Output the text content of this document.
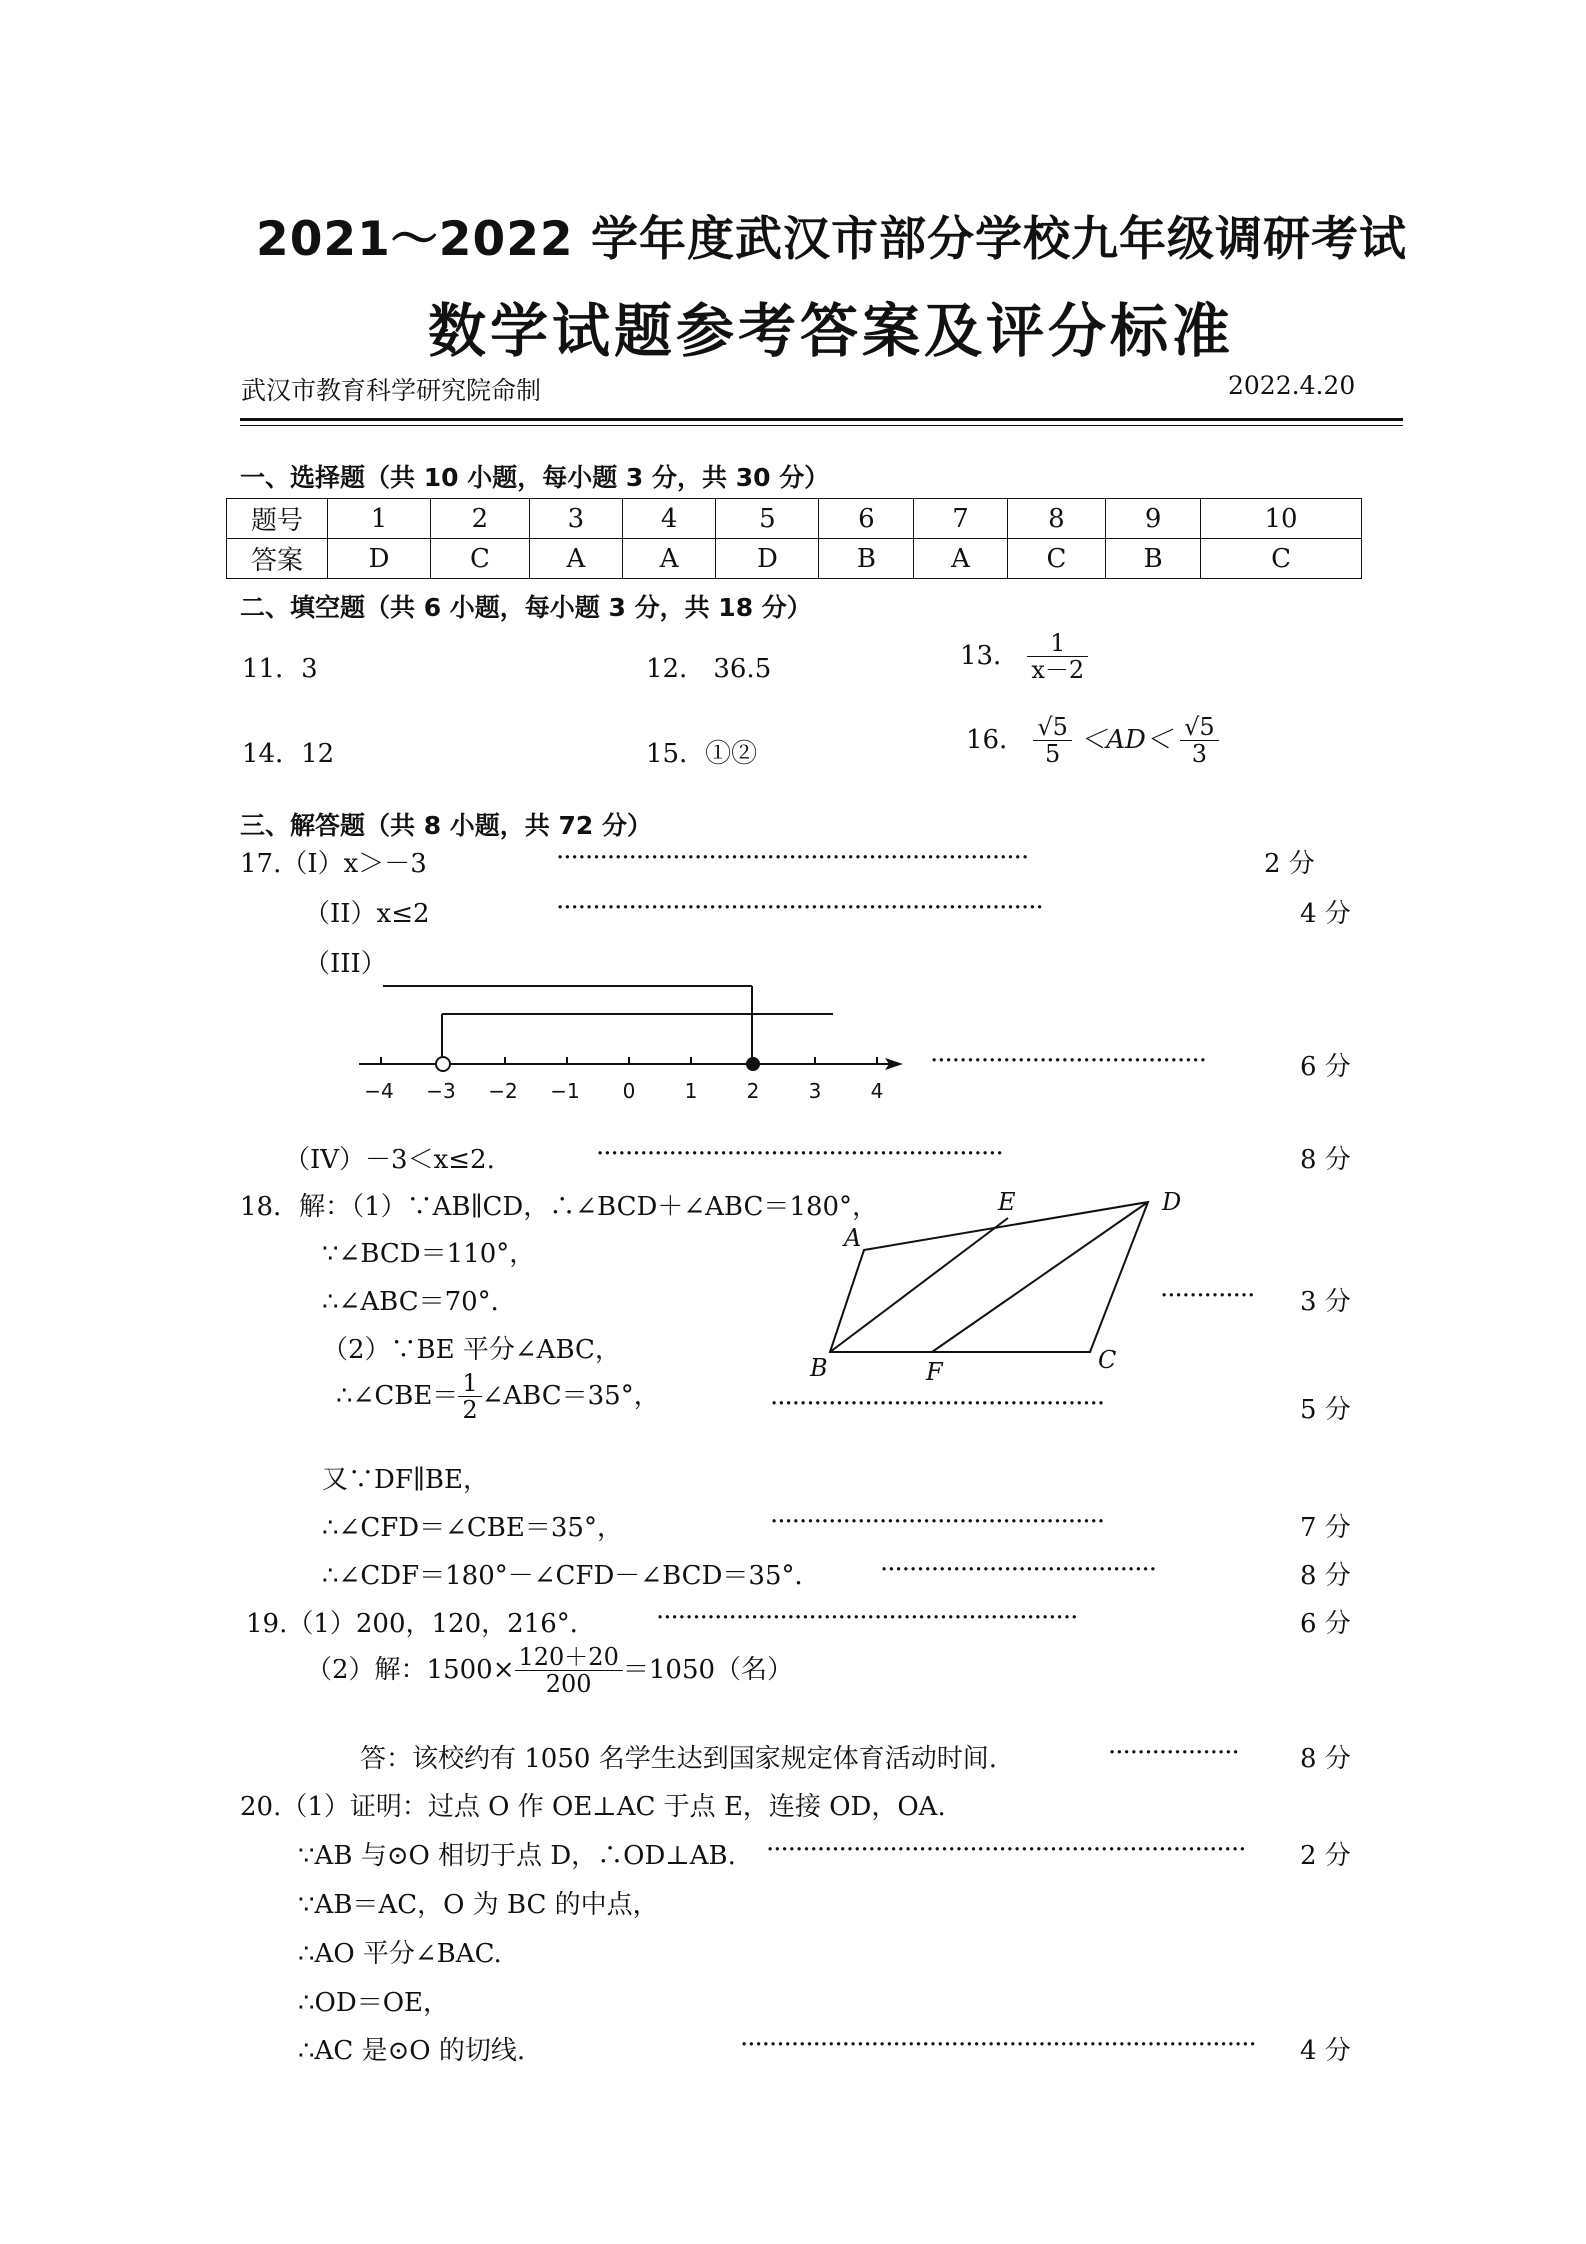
2021～2022 学年度武汉市部分学校九年级调研考试
数学试题参考答案及评分标准
武汉市教育科学研究院命制	2022.4.20
一、选择题（共 10 小题，每小题 3 分，共 30 分）
题号	1	2	3	4	5	6	7	8	9	10
答案	D	C	A	A	D	B	A	C	B	C
二、填空题（共 6 小题，每小题 3 分，共 18 分）
11．3	12． 36.5	13． $\frac{1}{x-2}$
14．12	15．①②	16． $\frac{√5}{5} <AD< \frac{√5}{3}$
三、解答题（共 8 小题，共 72 分）
17.（I）x＞－3	·································································	2 分
（II）x≤2	···································································	4 分
（III）
−4 −3 −2 −1 0 1 2 3 4
······································	6 分
（IV）－3＜x≤2.	························································	8 分
18．解：（1）∵AB∥CD，∴∠BCD＋∠ABC＝180°，
∵∠BCD＝110°，
∴∠ABC＝70°．
（2）∵BE 平分∠ABC，
A
D
E
B	F	C
············· 3 分
∴∠CBE＝ $\frac{1}{2}$ ∠ABC＝35°，	··············································	5 分
又∵DF∥BE，
∴∠CFD＝∠CBE＝35°，	··············································	7 分
∴∠CDF＝180°－∠CFD－∠BCD＝35°． ······································	8 分
19.（1）200，120，216°． ··························································	6 分
（2）解：$1500\times \frac{120+20}{200} =1050$（名）
答：该校约有 1050 名学生达到国家规定体育活动时间.	·················· 8 分
20.（1）证明：过点 O 作 OE⊥AC 于点 E，连接 OD，OA.
∵AB 与⊙O 相切于点 D，∴OD⊥AB. ·································································· 2 分
∵AB＝AC，O 为 BC 的中点，
∴AO 平分∠BAC.
∴OD＝OE，
∴AC 是⊙O 的切线.	······································································· 4 分
